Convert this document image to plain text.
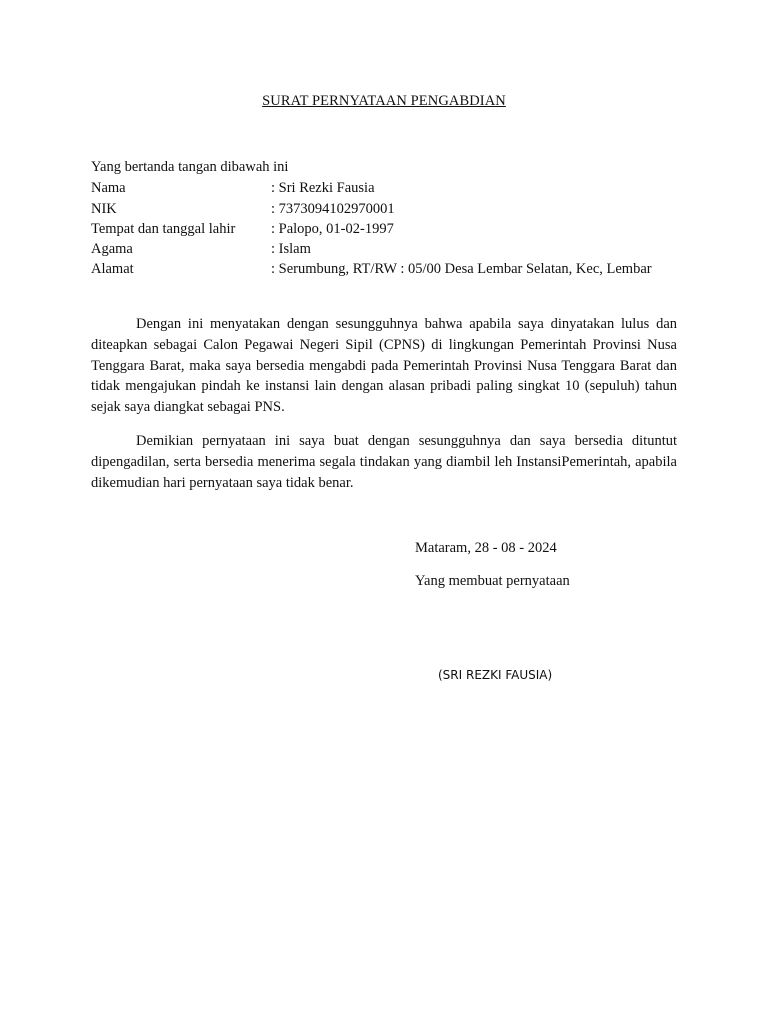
SURAT PERNYATAAN PENGABDIAN
Yang bertanda tangan dibawah ini
Nama	: Sri Rezki Fausia
NIK	: 7373094102970001
Tempat dan tanggal lahir : Palopo, 01-02-1997
Agama	: Islam
Alamat	: Serumbung, RT/RW : 05/00 Desa Lembar Selatan, Kec, Lembar

Dengan ini menyatakan dengan sesungguhnya bahwa apabila saya dinyatakan lulus dan diteapkan sebagai Calon Pegawai Negeri Sipil (CPNS) di lingkungan Pemerintah Provinsi Nusa Tenggara Barat, maka saya bersedia mengabdi pada Pemerintah Provinsi Nusa Tenggara Barat dan tidak mengajukan pindah ke instansi lain dengan alasan pribadi paling singkat 10 (sepuluh) tahun sejak saya diangkat sebagai PNS.

Demikian pernyataan ini saya buat dengan sesungguhnya dan saya bersedia dituntut dipengadilan, serta bersedia menerima segala tindakan yang diambil leh InstansiPemerintah, apabila dikemudian hari pernyataan saya tidak benar.

Mataram, 28 - 08 - 2024
Yang membuat pernyataan
(SRI REZKI FAUSIA)
